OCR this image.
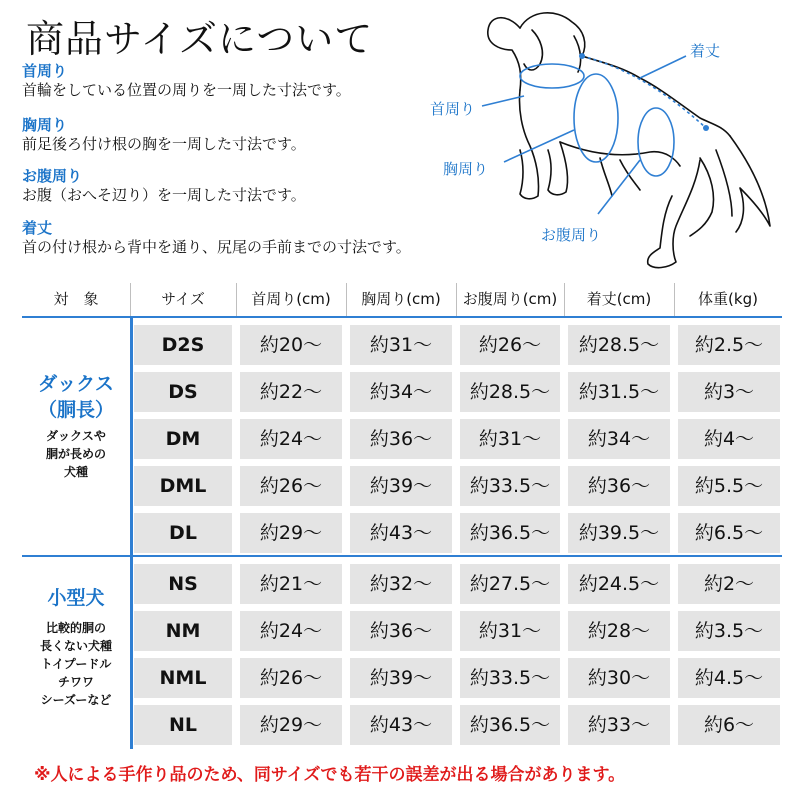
商品サイズについて
首周り
首輪をしている位置の周りを一周した寸法です。
胸周り
前足後ろ付け根の胸を一周した寸法です。
お腹周り
お腹（おへそ辺り）を一周した寸法です。
着丈
首の付け根から背中を通り、尻尾の手前までの寸法です。
着丈
首周り
胸周り
お腹周り
対　象	サイズ	首周り(cm)	胸周り(cm)	お腹周り(cm)	着丈(cm)	体重(kg)
ダックス
（胴長）
ダックスや
胴が長めの
犬種
小型犬
比較的胴の
長くない犬種
トイプードル
チワワ
シーズーなど
D2S	約20〜	約31〜	約26〜	約28.5〜	約2.5〜
DS	約22〜	約34〜	約28.5〜	約31.5〜	約3〜
DM	約24〜	約36〜	約31〜	約34〜	約4〜
DML	約26〜	約39〜	約33.5〜	約36〜	約5.5〜
DL	約29〜	約43〜	約36.5〜	約39.5〜	約6.5〜
NS	約21〜	約32〜	約27.5〜	約24.5〜	約2〜
NM	約24〜	約36〜	約31〜	約28〜	約3.5〜
NML	約26〜	約39〜	約33.5〜	約30〜	約4.5〜
NL	約29〜	約43〜	約36.5〜	約33〜	約6〜
※人による手作り品のため、同サイズでも若干の誤差が出る場合があります。
